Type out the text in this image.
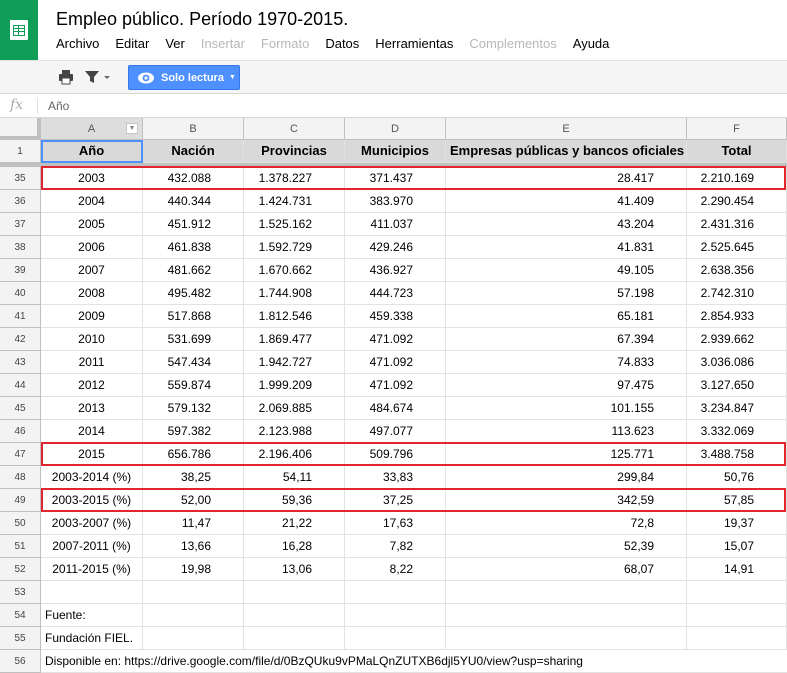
Empleo público. Período 1970-2015.
Archivo Editar Ver Insertar Formato Datos Herramientas Complementos Ayuda
Solo lectura ▼
fx Año
A	▼	B	C	D	E	F
1	Año	Nación	Provincias	Municipios	Empresas públicas y bancos oficiales	Total
35	2003	432.088	1.378.227	371.437	28.417	2.210.169
36	2004	440.344	1.424.731	383.970	41.409	2.290.454
37	2005	451.912	1.525.162	411.037	43.204	2.431.316
38	2006	461.838	1.592.729	429.246	41.831	2.525.645
39	2007	481.662	1.670.662	436.927	49.105	2.638.356
40	2008	495.482	1.744.908	444.723	57.198	2.742.310
41	2009	517.868	1.812.546	459.338	65.181	2.854.933
42	2010	531.699	1.869.477	471.092	67.394	2.939.662
43	2011	547.434	1.942.727	471.092	74.833	3.036.086
44	2012	559.874	1.999.209	471.092	97.475	3.127.650
45	2013	579.132	2.069.885	484.674	101.155	3.234.847
46	2014	597.382	2.123.988	497.077	113.623	3.332.069
47	2015	656.786	2.196.406	509.796	125.771	3.488.758
48	2003-2014 (%)	38,25	54,11	33,83	299,84	50,76
49	2003-2015 (%)	52,00	59,36	37,25	342,59	57,85
50	2003-2007 (%)	11,47	21,22	17,63	72,8	19,37
51	2007-2011 (%)	13,66	16,28	7,82	52,39	15,07
52	2011-2015 (%)	19,98	13,06	8,22	68,07	14,91
53
54	Fuente:
55	Fundación FIEL.
56	Disponible en: https://drive.google.com/file/d/0BzQUku9vPMaLQnZUTXB6djl5YU0/view?usp=sharing
